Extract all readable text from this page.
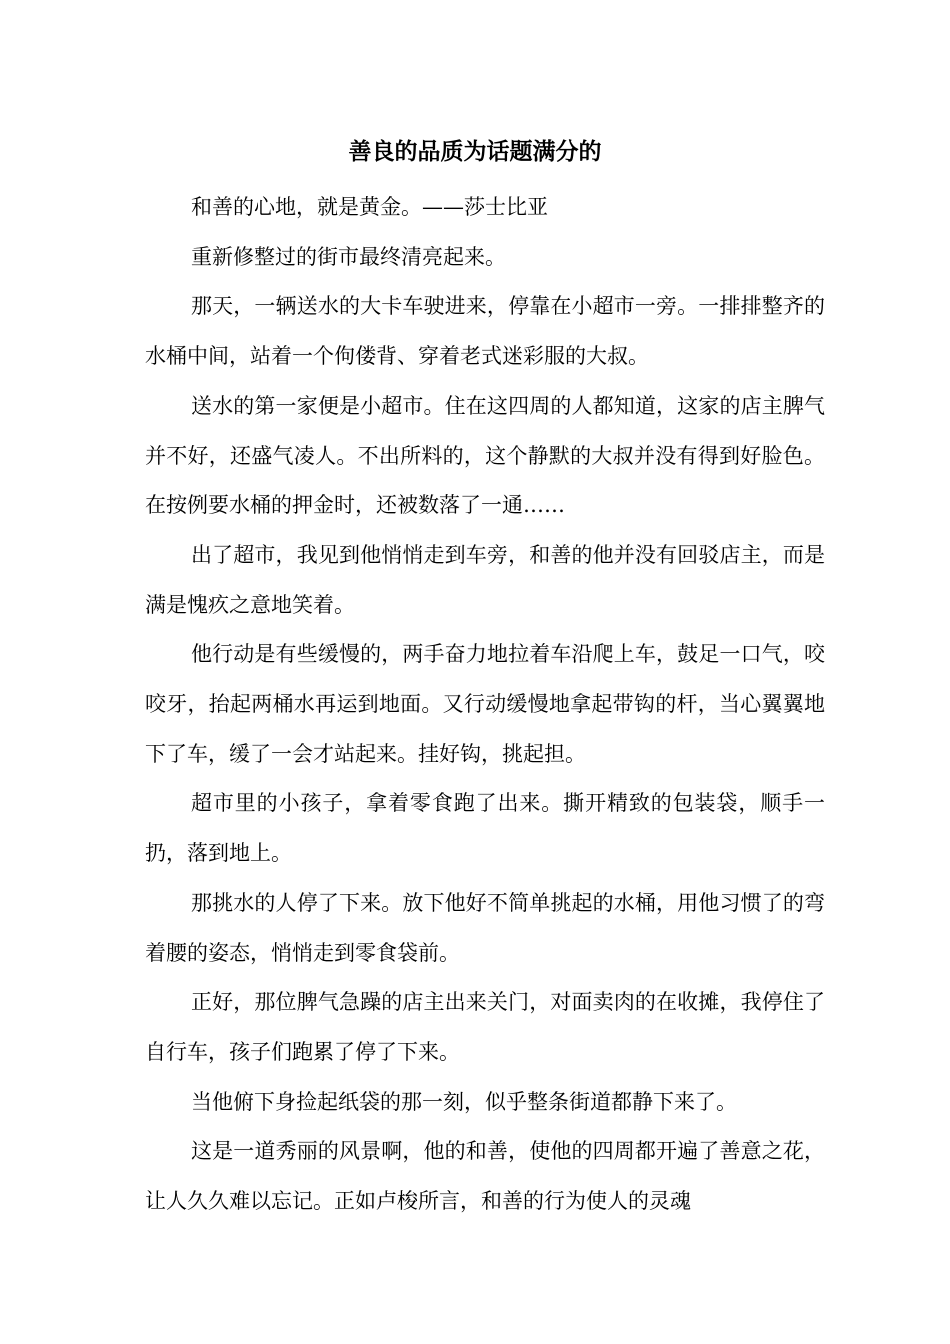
善良的品质为话题满分的

和善的心地，就是黄金。——莎士比亚

重新修整过的街市最终清亮起来。

那天，一辆送水的大卡车驶进来，停靠在小超市一旁。一排排整齐的水桶中间，站着一个佝偻背、穿着老式迷彩服的大叔。

送水的第一家便是小超市。住在这四周的人都知道，这家的店主脾气并不好，还盛气凌人。不出所料的，这个静默的大叔并没有得到好脸色。在按例要水桶的押金时，还被数落了一通……

出了超市，我见到他悄悄走到车旁，和善的他并没有回驳店主，而是满是愧疚之意地笑着。

他行动是有些缓慢的，两手奋力地拉着车沿爬上车，鼓足一口气，咬咬牙，抬起两桶水再运到地面。又行动缓慢地拿起带钩的杆，当心翼翼地下了车，缓了一会才站起来。挂好钩，挑起担。

超市里的小孩子，拿着零食跑了出来。撕开精致的包装袋，顺手一扔，落到地上。

那挑水的人停了下来。放下他好不简单挑起的水桶，用他习惯了的弯着腰的姿态，悄悄走到零食袋前。

正好，那位脾气急躁的店主出来关门，对面卖肉的在收摊，我停住了自行车，孩子们跑累了停了下来。

当他俯下身捡起纸袋的那一刻，似乎整条街道都静下来了。

这是一道秀丽的风景啊，他的和善，使他的四周都开遍了善意之花，让人久久难以忘记。正如卢梭所言，和善的行为使人的灵魂
